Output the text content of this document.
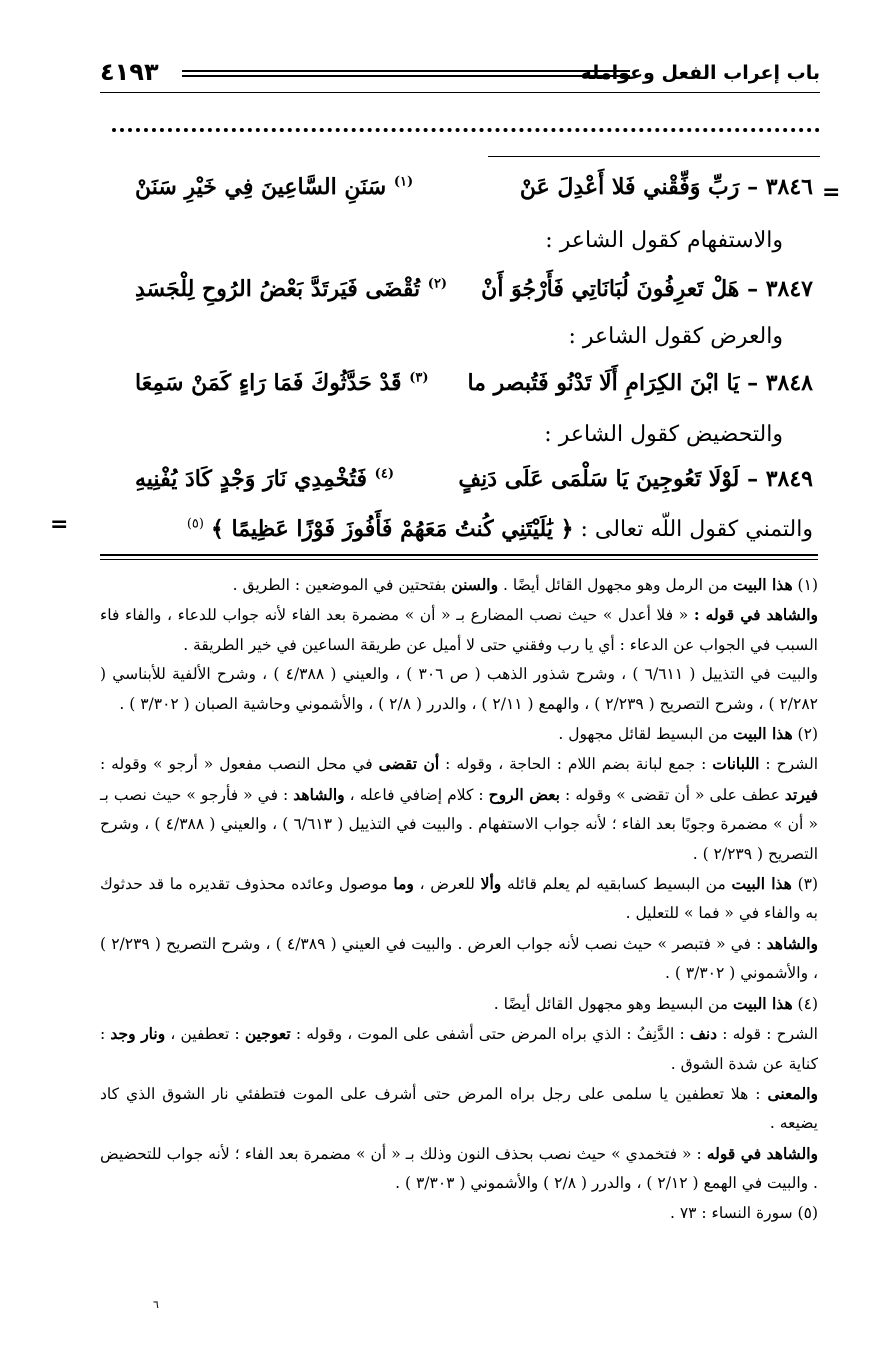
باب إعراب الفعل وعوامله
٤١٩٣
=
٣٨٤٦ – رَبِّ وَفِّقْني فَلا أَعْدِلَ عَنْ
$^{(١)}$ سَنَنِ السَّاعِينَ فِي خَيْرِ سَنَنْ
والاستفهام كقول الشاعر :
٣٨٤٧ – هَلْ تَعرِفُونَ لُبَانَاتِي فَأَرْجُوَ أَنْ
$^{(٢)}$ تُقْضَى فَيَرتَدَّ بَعْضُ الرُوحِ لِلْجَسَدِ
والعرض كقول الشاعر :
٣٨٤٨ – يَا ابْنَ الكِرَامِ أَلَا تَدْنُو فَتُبصر ما
$^{(٣)}$ قَدْ حَدَّثُوكَ فَمَا رَاءٍ كَمَنْ سَمِعَا
والتحضيض كقول الشاعر :
٣٨٤٩ – لَوْلَا تَعُوجِينَ يَا سَلْمَى عَلَى دَنِفٍ
$^{(٤)}$ فَتُخْمِدِي نَارَ وَجْدٍ كَادَ يُفْنِيهِ
والتمني كقول اللّه تعالى : ﴿ يَٰلَيْتَنِي كُنتُ مَعَهُمْ فَأَفُوزَ فَوْزًا عَظِيمًا ﴾ $^{(٥)}$
=

(١) هذا البيت من الرمل وهو مجهول القائل أيضًا . والسنن بفتحتين في الموضعين : الطريق .

والشاهد في قوله : « فلا أعدل » حيث نصب المضارع بـ « أن » مضمرة بعد الفاء لأنه جواب للدعاء ، والفاء فاء السبب في الجواب عن الدعاء : أي يا رب وفقني حتى لا أميل عن طريقة الساعين في خير الطريقة .

والبيت في التذييل ( ٦/٦١١ ) ، وشرح شذور الذهب ( ص ٣٠٦ ) ، والعيني ( ٤/٣٨٨ ) ، وشرح الألفية للأبناسي ( ٢/٢٨٢ ) ، وشرح التصريح ( ٢/٢٣٩ ) ، والهمع ( ٢/١١ ) ، والدرر ( ٢/٨ ) ، والأشموني وحاشية الصبان ( ٣/٣٠٢ ) .

(٢) هذا البيت من البسيط لقائل مجهول .

الشرح : اللبانات : جمع لبانة بضم اللام : الحاجة ، وقوله : أن تقضى في محل النصب مفعول « أرجو » وقوله : فيرتد عطف على « أن تقضى » وقوله : بعض الروح : كلام إضافي فاعله ، والشاهد : في « فأرجو » حيث نصب بـ « أن » مضمرة وجوبًا بعد الفاء ؛ لأنه جواب الاستفهام . والبيت في التذييل ( ٦/٦١٣ ) ، والعيني ( ٤/٣٨٨ ) ، وشرح التصريح ( ٢/٢٣٩ ) .

(٣) هذا البيت من البسيط كسابقيه لم يعلم قائله وألا للعرض ، وما موصول وعائده محذوف تقديره ما قد حدثوك به والفاء في « فما » للتعليل .

والشاهد : في « فتبصر » حيث نصب لأنه جواب العرض . والبيت في العيني ( ٤/٣٨٩ ) ، وشرح التصريح ( ٢/٢٣٩ ) ، والأشموني ( ٣/٣٠٢ ) .

(٤) هذا البيت من البسيط وهو مجهول القائل أيضًا .

الشرح : قوله : دنف : الدَّنِفُ : الذي براه المرض حتى أشفى على الموت ، وقوله : تعوجين : تعطفين ، ونار وجد : كناية عن شدة الشوق .

والمعنى : هلا تعطفين يا سلمى على رجل براه المرض حتى أشرف على الموت فتطفئي نار الشوق الذي كاد يضيعه .

والشاهد في قوله : « فتخمدي » حيث نصب بحذف النون وذلك بـ « أن » مضمرة بعد الفاء ؛ لأنه جواب للتحضيض . والبيت في الهمع ( ٢/١٢ ) ، والدرر ( ٢/٨ ) والأشموني ( ٣/٣٠٣ ) .

(٥) سورة النساء : ٧٣ .

٦
